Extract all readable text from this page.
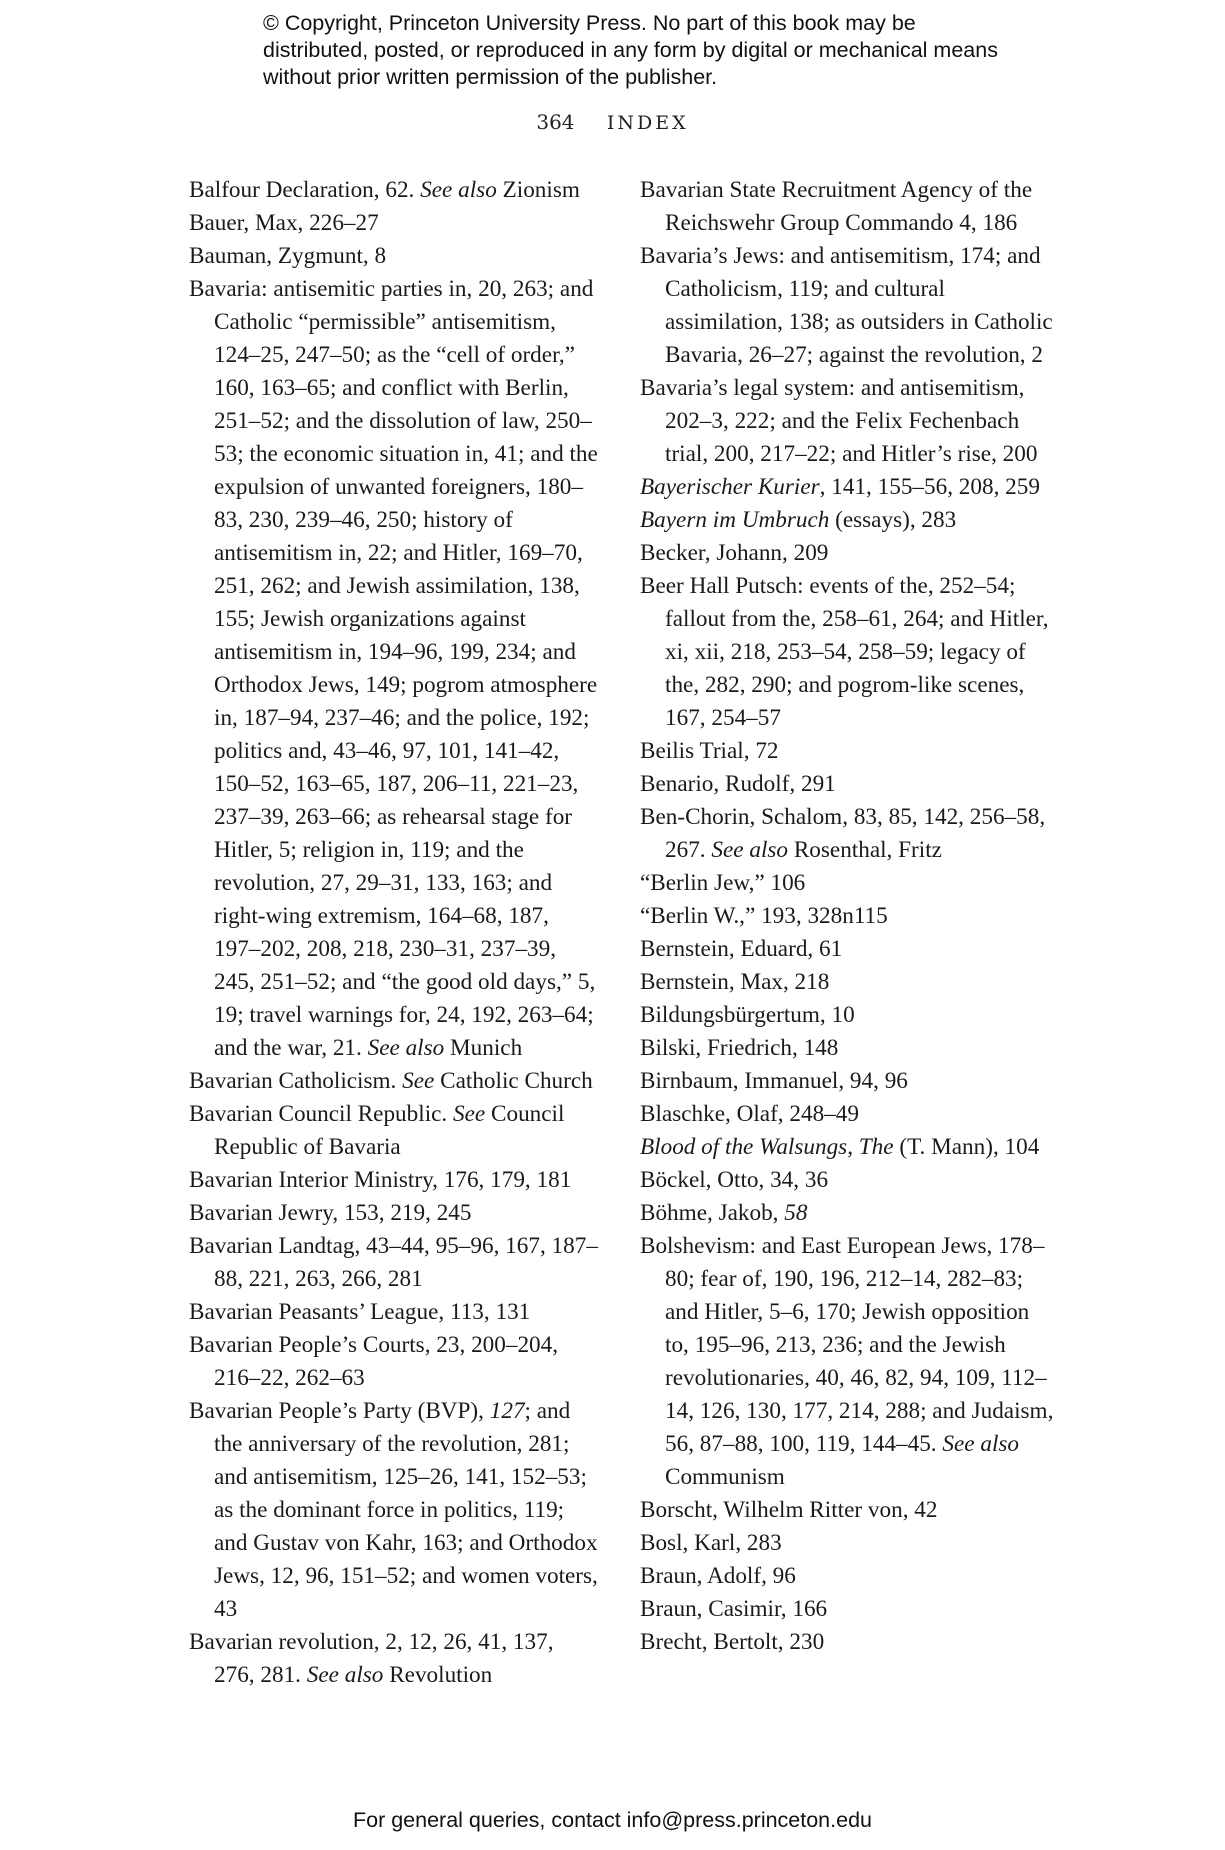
© Copyright, Princeton University Press. No part of this book may be distributed, posted, or reproduced in any form by digital or mechanical means without prior written permission of the publisher.
364 INDEX

Balfour Declaration, 62. See also Zionism

Bauer, Max, 226–27

Bauman, Zygmunt, 8

Bavaria: antisemitic parties in, 20, 263; and Catholic “permissible” antisemitism, 124–25, 247–50; as the “cell of order,” 160, 163–65; and conflict with Berlin, 251–52; and the dissolution of law, 250–53; the economic situation in, 41; and the expulsion of unwanted foreigners, 180–83, 230, 239–46, 250; history of antisemitism in, 22; and Hitler, 169–70, 251, 262; and Jewish assimilation, 138, 155; Jewish organizations against antisemitism in, 194–96, 199, 234; and Orthodox Jews, 149; pogrom atmosphere in, 187–94, 237–46; and the police, 192; politics and, 43–46, 97, 101, 141–42, 150–52, 163–65, 187, 206–11, 221–23, 237–39, 263–66; as rehearsal stage for Hitler, 5; religion in, 119; and the revolution, 27, 29–31, 133, 163; and right-wing extremism, 164–68, 187, 197–202, 208, 218, 230–31, 237–39, 245, 251–52; and “the good old days,” 5, 19; travel warnings for, 24, 192, 263–64; and the war, 21. See also Munich

Bavarian Catholicism. See Catholic Church

Bavarian Council Republic. See Council Republic of Bavaria

Bavarian Interior Ministry, 176, 179, 181

Bavarian Jewry, 153, 219, 245

Bavarian Landtag, 43–44, 95–96, 167, 187–88, 221, 263, 266, 281

Bavarian Peasants’ League, 113, 131

Bavarian People’s Courts, 23, 200–204, 216–22, 262–63

Bavarian People’s Party (BVP), 127; and the anniversary of the revolution, 281; and antisemitism, 125–26, 141, 152–53; as the dominant force in politics, 119; and Gustav von Kahr, 163; and Orthodox Jews, 12, 96, 151–52; and women voters, 43

Bavarian revolution, 2, 12, 26, 41, 137, 276, 281. See also Revolution

Bavarian State Recruitment Agency of the Reichswehr Group Commando 4, 186

Bavaria’s Jews: and antisemitism, 174; and Catholicism, 119; and cultural assimilation, 138; as outsiders in Catholic Bavaria, 26–27; against the revolution, 2

Bavaria’s legal system: and antisemitism, 202–3, 222; and the Felix Fechenbach trial, 200, 217–22; and Hitler’s rise, 200

Bayerischer Kurier, 141, 155–56, 208, 259

Bayern im Umbruch (essays), 283

Becker, Johann, 209

Beer Hall Putsch: events of the, 252–54; fallout from the, 258–61, 264; and Hitler, xi, xii, 218, 253–54, 258–59; legacy of the, 282, 290; and pogrom-like scenes, 167, 254–57

Beilis Trial, 72

Benario, Rudolf, 291

Ben-Chorin, Schalom, 83, 85, 142, 256–58, 267. See also Rosenthal, Fritz

“Berlin Jew,” 106

“Berlin W.,” 193, 328n115

Bernstein, Eduard, 61

Bernstein, Max, 218

Bildungsbürgertum, 10

Bilski, Friedrich, 148

Birnbaum, Immanuel, 94, 96

Blaschke, Olaf, 248–49

Blood of the Walsungs, The (T. Mann), 104

Böckel, Otto, 34, 36

Böhme, Jakob, 58

Bolshevism: and East European Jews, 178–80; fear of, 190, 196, 212–14, 282–83; and Hitler, 5–6, 170; Jewish opposition to, 195–96, 213, 236; and the Jewish revolutionaries, 40, 46, 82, 94, 109, 112–14, 126, 130, 177, 214, 288; and Judaism, 56, 87–88, 100, 119, 144–45. See also Communism

Borscht, Wilhelm Ritter von, 42

Bosl, Karl, 283

Braun, Adolf, 96

Braun, Casimir, 166

Brecht, Bertolt, 230

For general queries, contact info@press.princeton.edu
